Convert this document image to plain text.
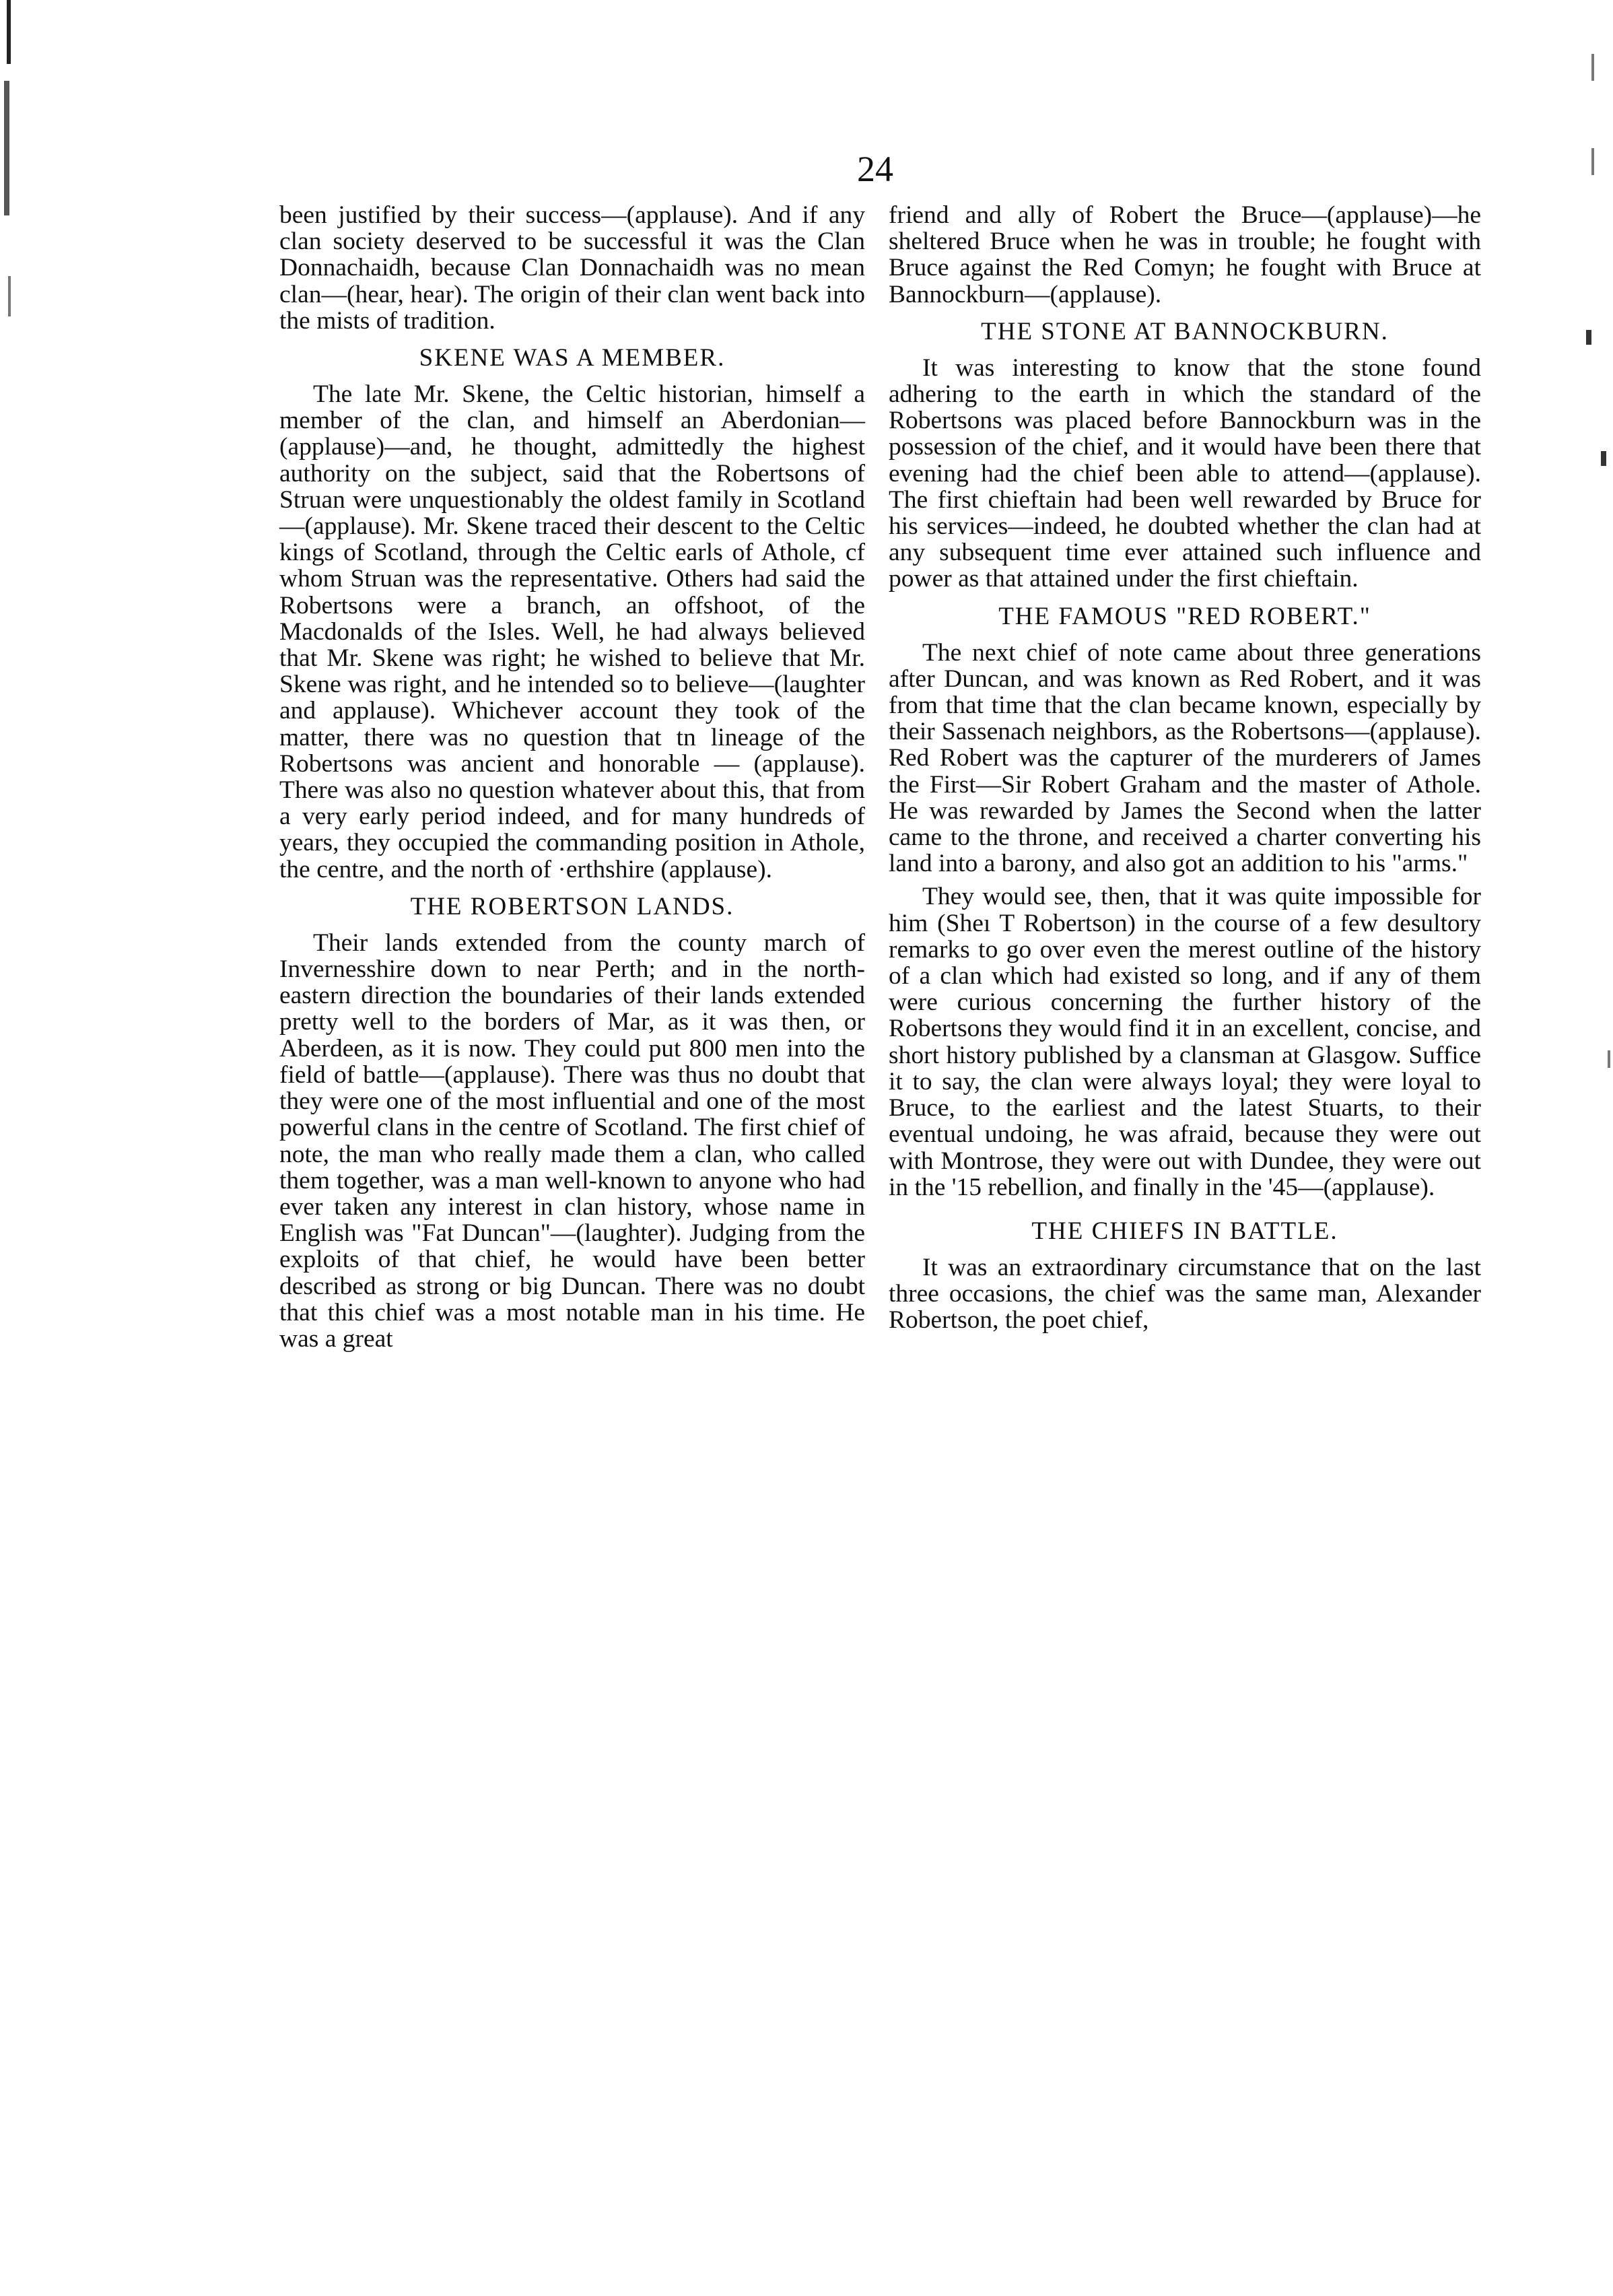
24

been justified by their success—(applause). And if any clan society deserved to be successful it was the Clan Donnachaidh, because Clan Donnachaidh was no mean clan—(hear, hear). The origin of their clan went back into the mists of tradition.

SKENE WAS A MEMBER.

The late Mr. Skene, the Celtic historian, himself a member of the clan, and himself an Aberdonian—(applause)—and, he thought, admittedly the highest authority on the subject, said that the Robertsons of Struan were unquestionably the oldest family in Scotland—(applause). Mr. Skene traced their descent to the Celtic kings of Scotland, through the Celtic earls of Athole, cf whom Struan was the representative. Others had said the Robertsons were a branch, an offshoot, of the Macdonalds of the Isles. Well, he had always believed that Mr. Skene was right; he wished to believe that Mr. Skene was right, and he intended so to believe—(laughter and applause). Whichever account they took of the matter, there was no question that tn⁠ lineage of the Robertsons was ancient and honorable — (applause). There was also no question whatever about this, that from a very early period indeed, and for many hundreds of years, they occupied the commanding position in Athole, the centre, and the north of ·erthshire (applause).

THE ROBERTSON LANDS.

Their lands extended from the county march of Invernesshire down to near Perth; and in the north-eastern direction the boundaries of their lands extended pretty well to the borders of Mar, as it was then, or Aberdeen, as it is now. They could put 800 men into the field of battle—(applause). There was thus no doubt that they were one of the most influential and one of the most powerful clans in the centre of Scotland. The first chief of note, the man who really made them a clan, who called them together, was a man well-known to anyone who had ever taken any interest in clan history, whose name in English was "Fat Duncan"—(laughter). Judging from the exploits of that chief, he would have been better described as strong or big Duncan. There was no doubt that this chief was a most notable man in his time. He was a great

friend and ally of Robert the Bruce—(applause)—he sheltered Bruce when he was in trouble; he fought with Bruce against the Red Comyn; he fought with Bruce at Bannockburn—(applause).

THE STONE AT BANNOCKBURN.

It was interesting to know that the stone found adhering to the earth in which the standard of the Robertsons was placed before Bannockburn was in the possession of the chief, and it would have been there that evening had the chief been able to attend—(applause). The first chieftain had been well rewarded by Bruce for his services—indeed, he doubted whether the clan had at any subsequent time ever attained such influence and power as that attained under the first chieftain.

THE FAMOUS "RED ROBERT."

The next chief of note came about three generations after Duncan, and was known as Red Robert, and it was from that time that the clan became known, especially by their Sassenach neighbors, as the Robertsons—(applause). Red Robert was the capturer of the murderers of James the First—Sir Robert Graham and the master of Athole. He was rewarded by James the Second when the latter came to the throne, and received a charter converting his land into a barony, and also got an addition to his "arms."

They would see, then, that it was quite impossible for him (Sheı T Robertson) in the course of a few desultory remarks to go over even the merest outline of the history of a clan which had existed so long, and if any of them were curious concerning the further history of the Robertsons they would find it in an excellent, concise, and short history published by a clansman at Glasgow. Suffice it to say, the clan were always loyal; they were loyal to Bruce, to the earliest and the latest Stuarts, to their eventual undoing, he was afraid, because they were out with Montrose, they were out with Dundee, they were out in the '15 rebellion, and finally in the '45—(applause).

THE CHIEFS IN BATTLE.

It was an extraordinary circumstance that on the last three occasions, the chief was the same man, Alexander Robertson, the poet chief,
